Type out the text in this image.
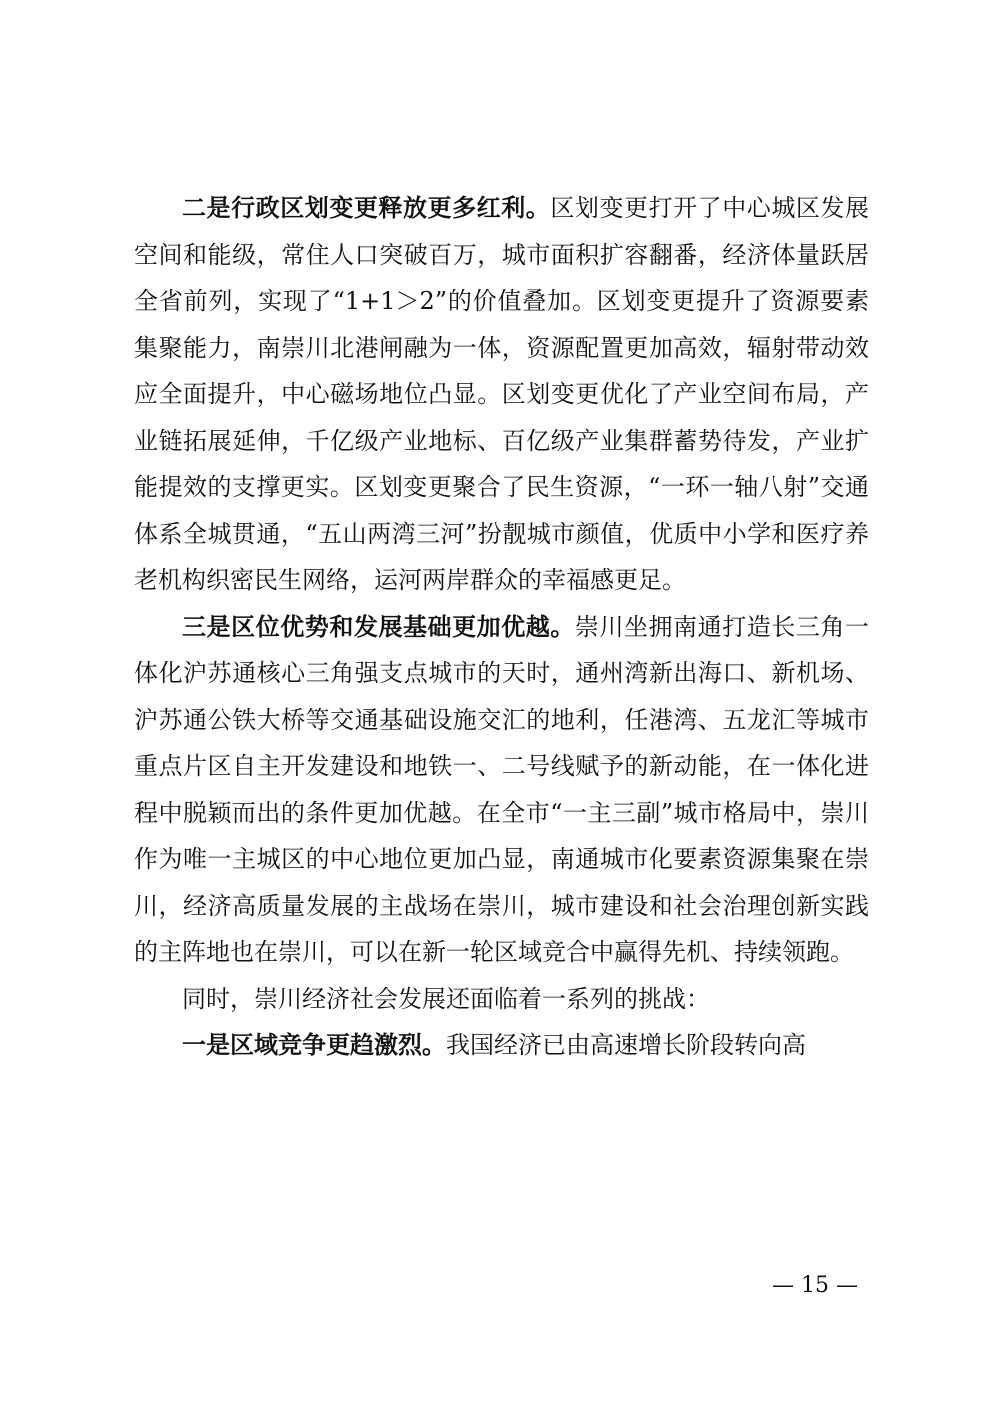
二是行政区划变更释放更多红利。区划变更打开了中心城区发展空间和能级，常住人口突破百万，城市面积扩容翻番，经济体量跃居全省前列，实现了“1+1＞2”的价值叠加。区划变更提升了资源要素集聚能力，南崇川北港闸融为一体，资源配置更加高效，辐射带动效应全面提升，中心磁场地位凸显。区划变更优化了产业空间布局，产业链拓展延伸，千亿级产业地标、百亿级产业集群蓄势待发，产业扩能提效的支撑更实。区划变更聚合了民生资源，“一环一轴八射”交通体系全城贯通，“五山两湾三河”扮靓城市颜值，优质中小学和医疗养老机构织密民生网络，运河两岸群众的幸福感更足。

三是区位优势和发展基础更加优越。崇川坐拥南通打造长三角一体化沪苏通核心三角强支点城市的天时，通州湾新出海口、新机场、沪苏通公铁大桥等交通基础设施交汇的地利，任港湾、五龙汇等城市重点片区自主开发建设和地铁一、二号线赋予的新动能，在一体化进程中脱颖而出的条件更加优越。在全市“一主三副”城市格局中，崇川作为唯一主城区的中心地位更加凸显，南通城市化要素资源集聚在崇川，经济高质量发展的主战场在崇川，城市建设和社会治理创新实践的主阵地也在崇川，可以在新一轮区域竞合中赢得先机、持续领跑。

同时，崇川经济社会发展还面临着一系列的挑战：

一是区域竞争更趋激烈。我国经济已由高速增长阶段转向高

— 15 —
